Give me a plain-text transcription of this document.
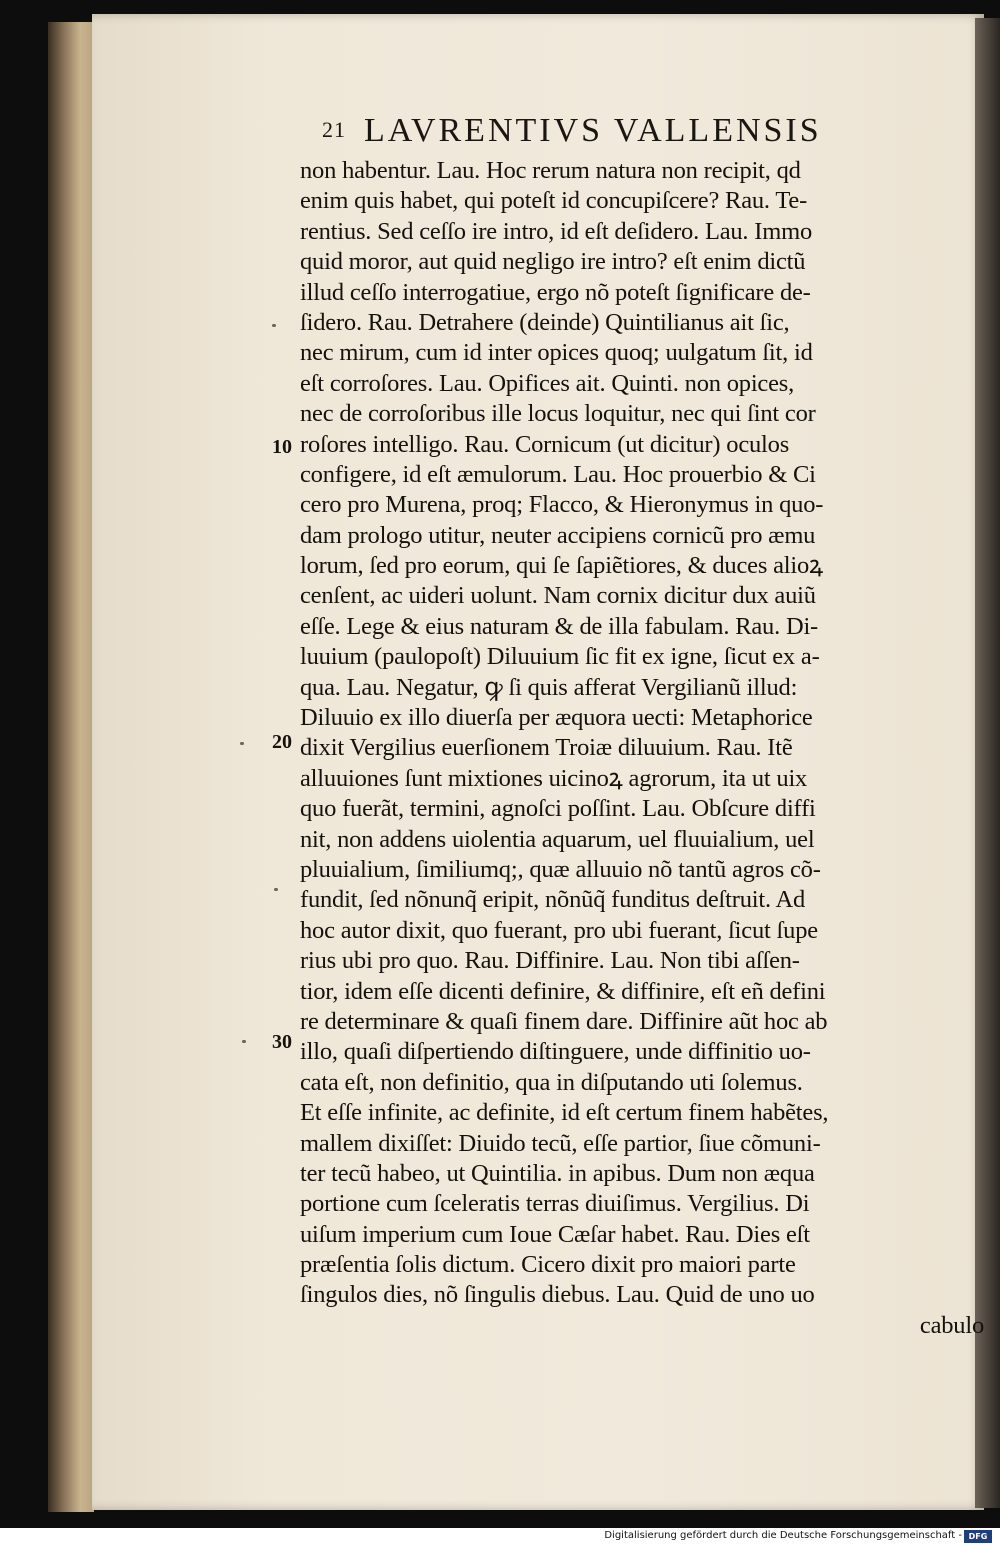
21 LAVRENTIVS VALLENSIS
non habentur. Lau. Hoc rerum natura non recipit, qd
enim quis habet, qui poteſt id concupiſcere? Rau. Te-
rentius. Sed ceſſo ire intro, id eſt deſidero. Lau. Immo
quid moror, aut quid negligo ire intro? eſt enim dictũ
illud ceſſo interrogatiue, ergo nõ poteſt ſignificare de-
ſidero. Rau. Detrahere (deinde) Quintilianus ait ſic,
nec mirum, cum id inter opices quoq; uulgatum ſit, id
eſt corroſores. Lau. Opifices ait. Quinti. non opices,
nec de corroſoribus ille locus loquitur, nec qui ſint cor
roſores intelligo. Rau. Cornicum (ut dicitur) oculos
configere, id eſt æmulorum. Lau. Hoc prouerbio & Ci
cero pro Murena, proq; Flacco, & Hieronymus in quo-
dam prologo utitur, neuter accipiens cornicũ pro æmu
lorum, ſed pro eorum, qui ſe ſapiẽtiores, & duces alioꝝ
cenſent, ac uideri uolunt. Nam cornix dicitur dux auiũ
eſſe. Lege & eius naturam & de illa fabulam. Rau. Di-
luuium (paulopoſt) Diluuium ſic fit ex igne, ſicut ex a-
qua. Lau. Negatur, ꝙ ſi quis afferat Vergilianũ illud:
Diluuio ex illo diuerſa per æquora uecti: Metaphorice
dixit Vergilius euerſionem Troiæ diluuium. Rau. Itẽ
alluuiones ſunt mixtiones uicinoꝝ agrorum, ita ut uix
quo fuerãt, termini, agnoſci poſſint. Lau. Obſcure diffi
nit, non addens uiolentia aquarum, uel fluuialium, uel
pluuialium, ſimiliumq;, quæ alluuio nõ tantũ agros cõ-
fundit, ſed nõnunq̃ eripit, nõnũq̃ funditus deſtruit. Ad
hoc autor dixit, quo fuerant, pro ubi fuerant, ſicut ſupe
rius ubi pro quo. Rau. Diffinire. Lau. Non tibi aſſen-
tior, idem eſſe dicenti definire, & diffinire, eſt eñ defini
re determinare & quaſi finem dare. Diffinire aũt hoc ab
illo, quaſi diſpertiendo diſtinguere, unde diffinitio uo-
cata eſt, non definitio, qua in diſputando uti ſolemus.
Et eſſe infinite, ac definite, id eſt certum finem habẽtes,
mallem dixiſſet: Diuido tecũ, eſſe partior, ſiue cõmuni-
ter tecũ habeo, ut Quintilia. in apibus. Dum non æqua
portione cum ſceleratis terras diuiſimus. Vergilius. Di
uiſum imperium cum Ioue Cæſar habet. Rau. Dies eſt
præſentia ſolis dictum. Cicero dixit pro maiori parte
ſingulos dies, nõ ſingulis diebus. Lau. Quid de uno uo
cabulo
10
20
30
Digitalisierung gefördert durch die Deutsche Forschungsgemeinschaft - DFG
